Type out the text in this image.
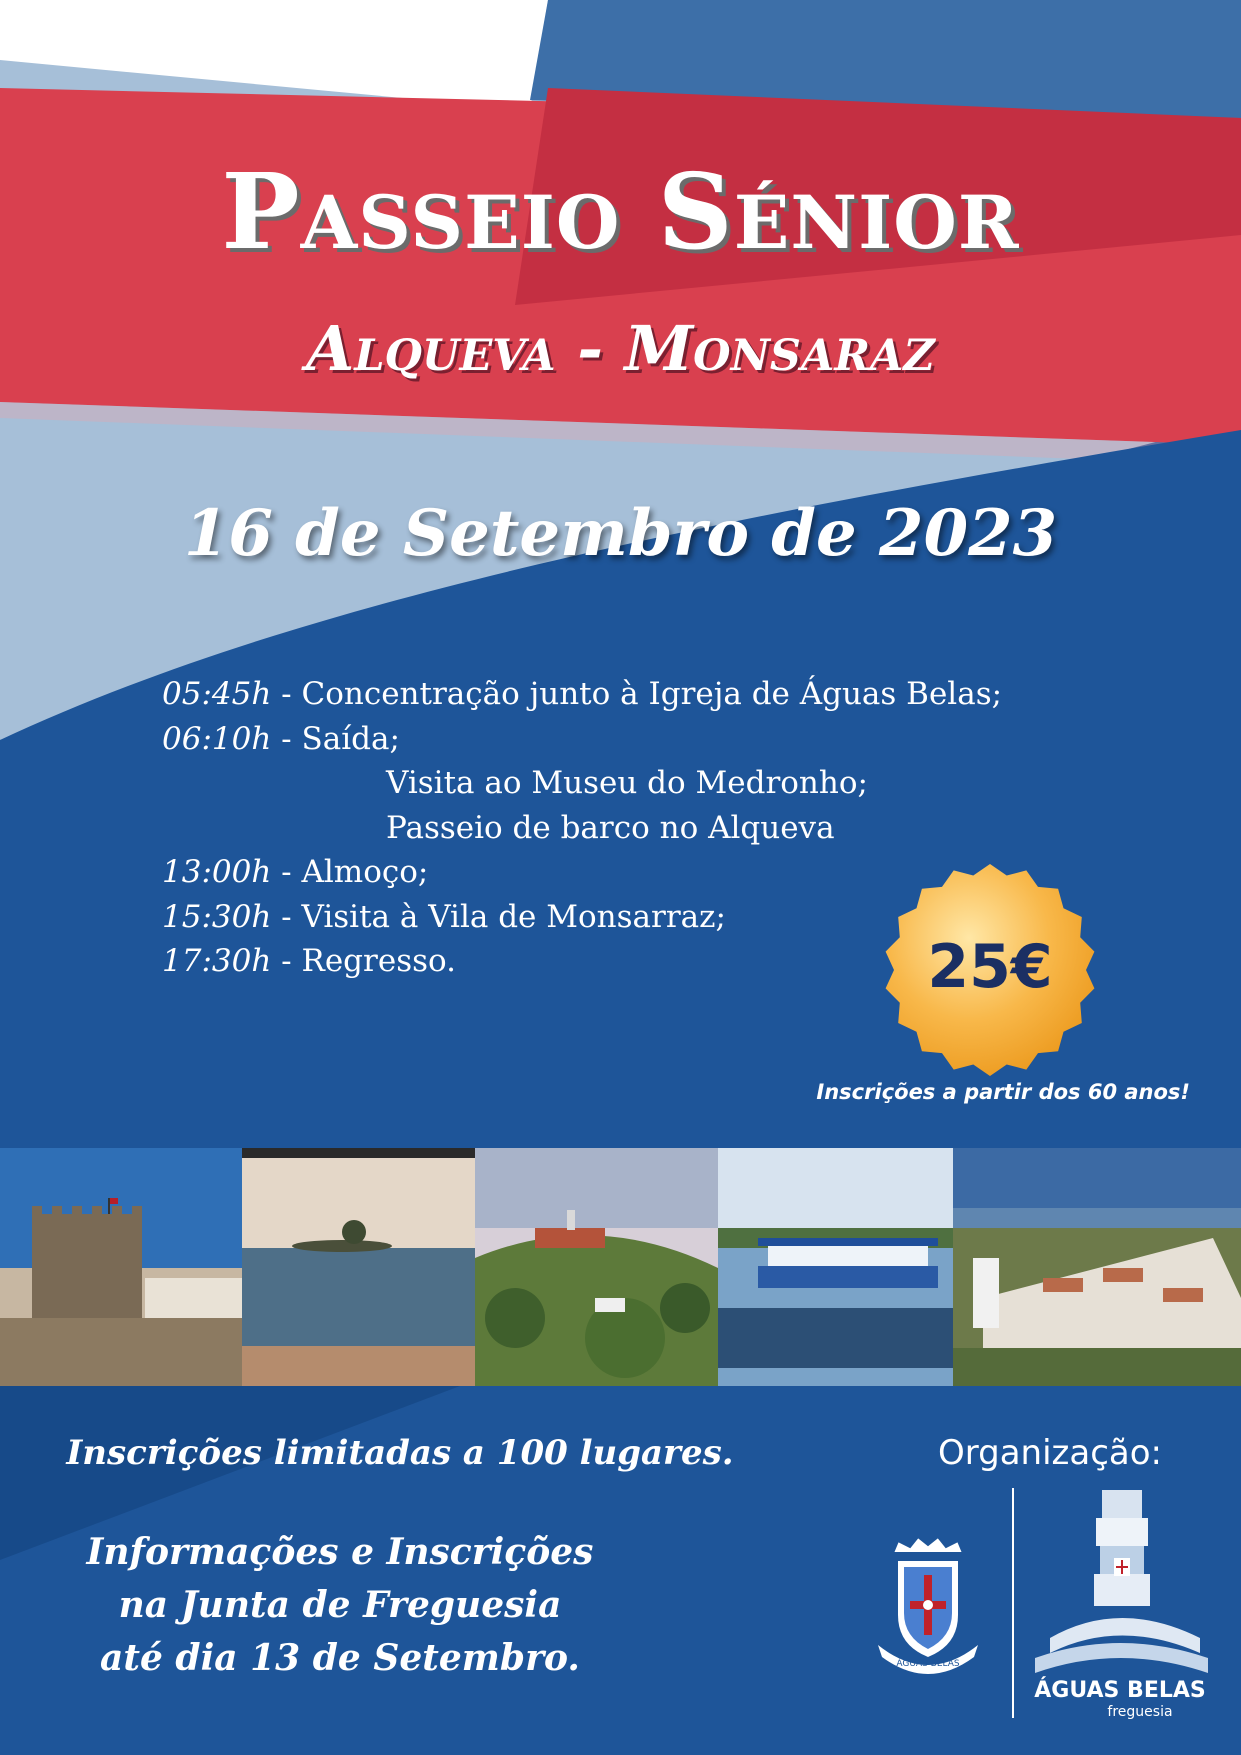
Passeio Sénior
Alqueva - Monsaraz
16 de Setembro de 2023
05:45h - Concentração junto à Igreja de Águas Belas;
06:10h - Saída;
Visita ao Museu do Medronho;
Passeio de barco no Alqueva
13:00h - Almoço;
15:30h - Visita à Vila de Monsarraz;
17:30h - Regresso.	25€
Inscrições a partir dos 60 anos!
Inscrições limitadas a 100 lugares.
Informações e Inscrições
na Junta de Freguesia
até dia 13 de Setembro.
Organização:
ÁGUAS BELAS
ÁGUAS BELAS
freguesia
